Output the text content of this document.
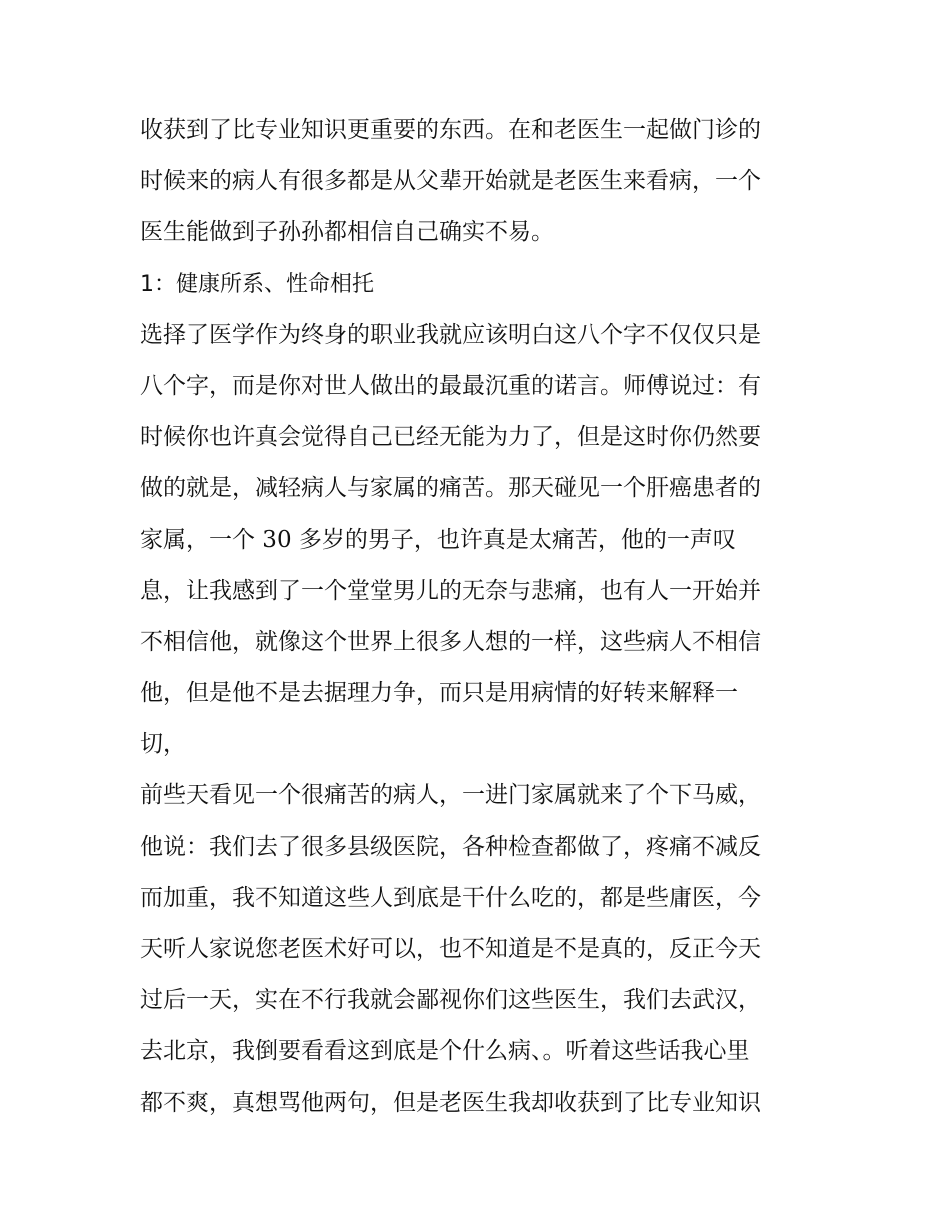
收获到了比专业知识更重要的东西。在和老医生一起做门诊的
时候来的病人有很多都是从父辈开始就是老医生来看病，一个
医生能做到子孙孙都相信自己确实不易。
1：健康所系、性命相托
选择了医学作为终身的职业我就应该明白这八个字不仅仅只是
八个字，而是你对世人做出的最最沉重的诺言。师傅说过：有
时候你也许真会觉得自己已经无能为力了，但是这时你仍然要
做的就是，减轻病人与家属的痛苦。那天碰见一个肝癌患者的
家属，一个 30 多岁的男子，也许真是太痛苦，他的一声叹
息，让我感到了一个堂堂男儿的无奈与悲痛，也有人一开始并
不相信他，就像这个世界上很多人想的一样，这些病人不相信
他，但是他不是去据理力争，而只是用病情的好转来解释一
切，
前些天看见一个很痛苦的病人，一进门家属就来了个下马威，
他说：我们去了很多县级医院，各种检查都做了，疼痛不减反
而加重，我不知道这些人到底是干什么吃的，都是些庸医，今
天听人家说您老医术好可以，也不知道是不是真的，反正今天
过后一天，实在不行我就会鄙视你们这些医生，我们去武汉，
去北京，我倒要看看这到底是个什么病、。听着这些话我心里
都不爽，真想骂他两句，但是老医生我却收获到了比专业知识
